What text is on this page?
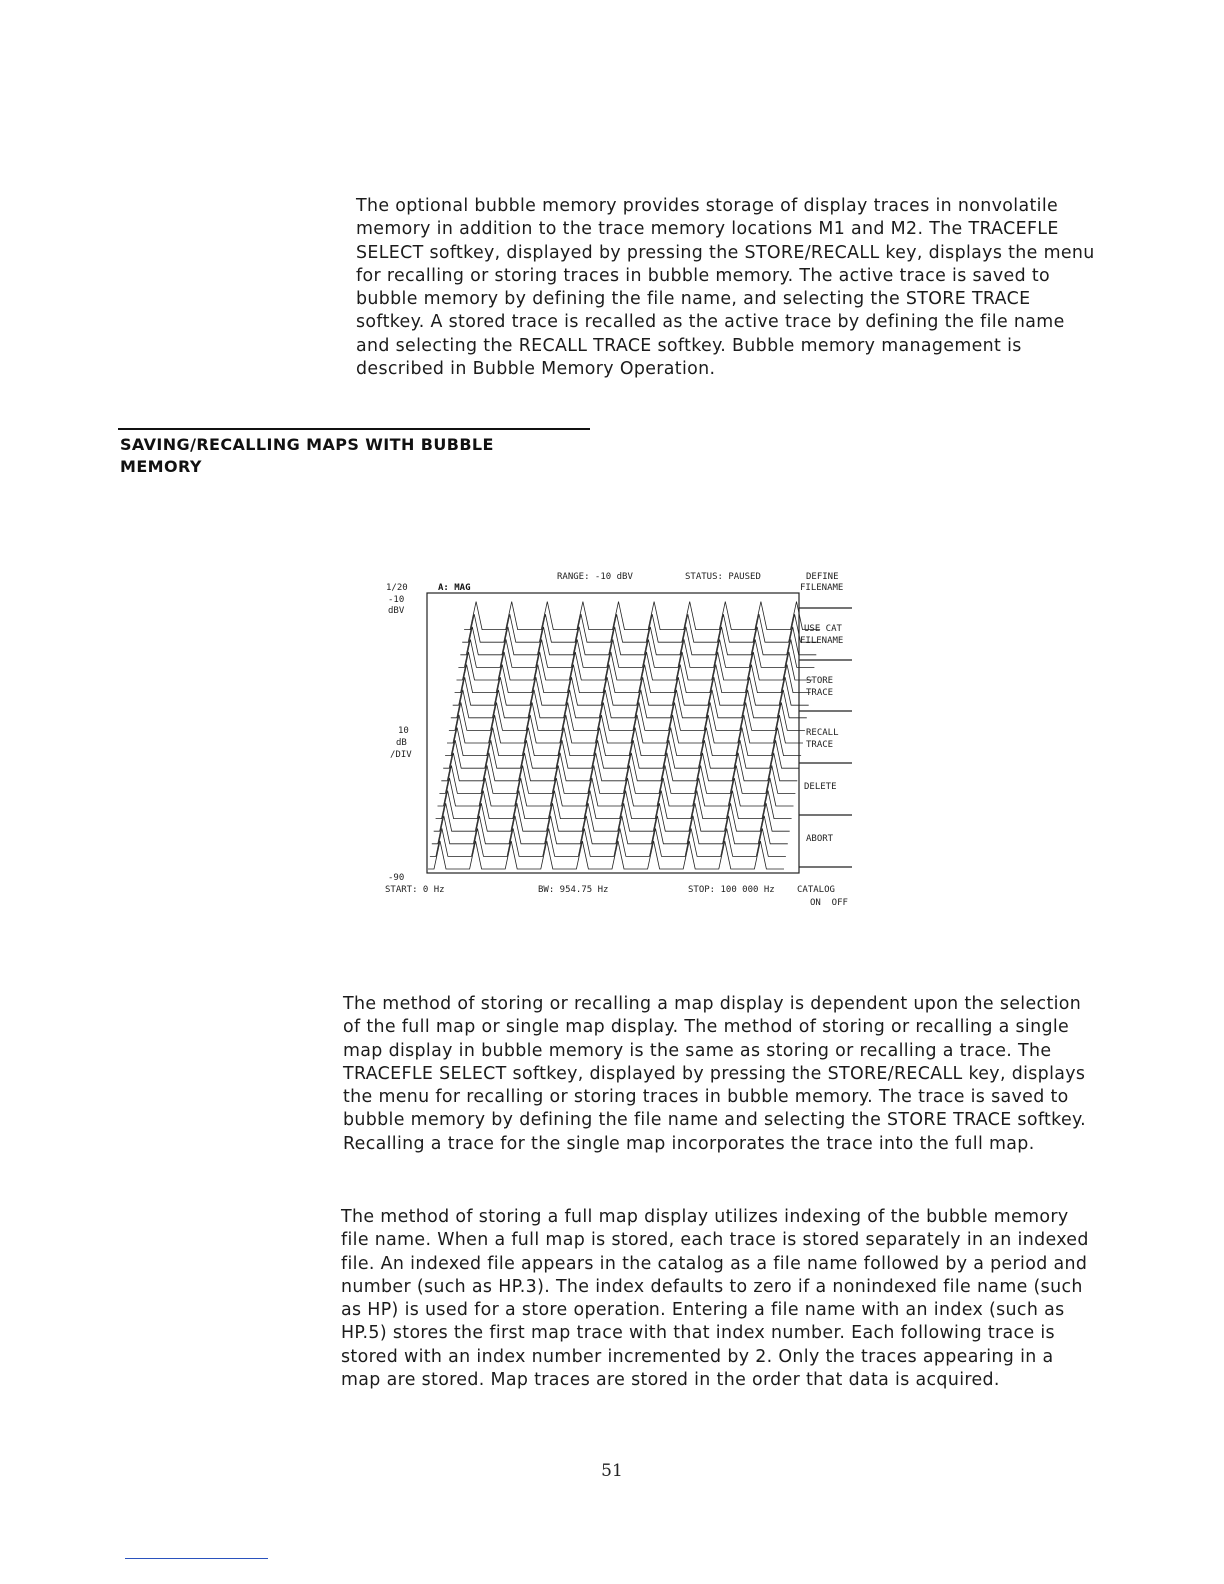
The optional bubble memory provides storage of display traces in nonvolatile memory in addition to the trace memory locations M1 and M2. The TRACEFLE SELECT softkey, displayed by pressing the STORE/RECALL key, displays the menu for recalling or storing traces in bubble memory. The active trace is saved to bubble memory by defining the file name, and selecting the STORE TRACE softkey. A stored trace is recalled as the active trace by defining the file name and selecting the RECALL TRACE softkey. Bubble memory management is described in Bubble Memory Operation.

SAVING/RECALLING MAPS WITH BUBBLE MEMORY
RANGE: -10 dBV	STATUS: PAUSED
1/20	A: MAG
-10
dBV
10
dB
/DIV
-90
START: 0 Hz	BW: 954.75 Hz	STOP: 100 000 Hz
DEFINE
FILENAME
USE CAT
FILENAME
STORE
TRACE
RECALL
TRACE
DELETE
ABORT
CATALOG
ON  OFF

The method of storing or recalling a map display is dependent upon the selection of the full map or single map display. The method of storing or recalling a single map display in bubble memory is the same as storing or recalling a trace. The TRACEFLE SELECT softkey, displayed by pressing the STORE/RECALL key, displays the menu for recalling or storing traces in bubble memory. The trace is saved to bubble memory by defining the file name and selecting the STORE TRACE softkey. Recalling a trace for the single map incorporates the trace into the full map.

The method of storing a full map display utilizes indexing of the bubble memory file name. When a full map is stored, each trace is stored separately in an indexed file. An indexed file appears in the catalog as a file name followed by a period and number (such as HP.3). The index defaults to zero if a nonindexed file name (such as HP) is used for a store operation. Entering a file name with an index (such as HP.5) stores the first map trace with that index number. Each following trace is stored with an index number incremented by 2. Only the traces appearing in a map are stored. Map traces are stored in the order that data is acquired.

51
